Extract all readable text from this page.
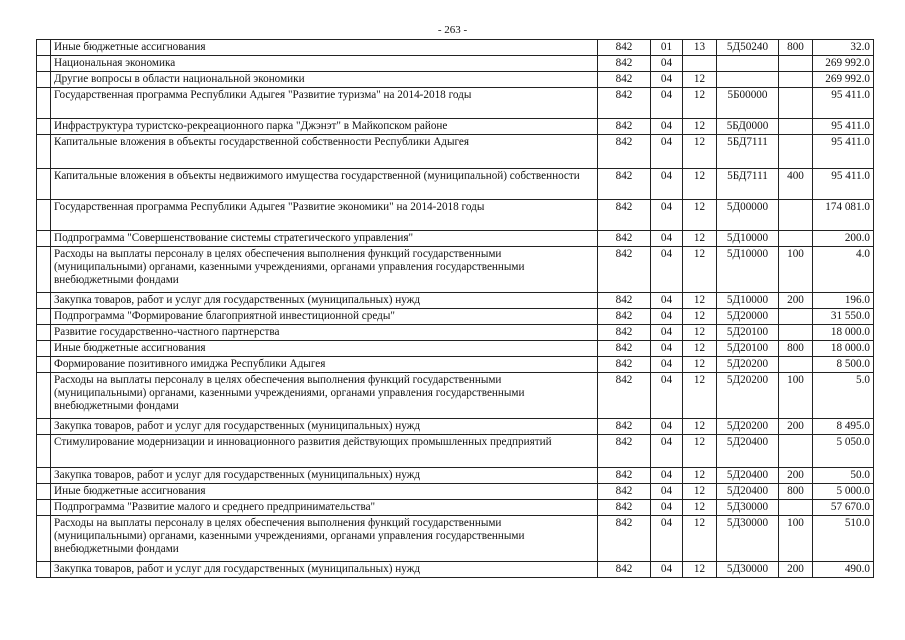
- 263 -
	Иные бюджетные ассигнования	842	01	13	5Д50240	800	32.0
	Национальная экономика	842	04				269 992.0
	Другие вопросы в области национальной экономики	842	04	12			269 992.0
	Государственная программа Республики Адыгея "Развитие туризма" на 2014-2018 годы	842	04	12	5Б00000		95 411.0
	Инфраструктура туристско-рекреационного парка "Джэнэт" в Майкопском районе	842	04	12	5БД0000		95 411.0
	Капитальные вложения в объекты государственной собственности Республики Адыгея	842	04	12	5БД7111		95 411.0
	Капитальные вложения в объекты недвижимого имущества государственной (муниципальной) собственности	842	04	12	5БД7111	400	95 411.0
	Государственная программа Республики Адыгея "Развитие экономики" на 2014-2018 годы	842	04	12	5Д00000		174 081.0
	Подпрограмма "Совершенствование системы стратегического управления"	842	04	12	5Д10000		200.0
	Расходы на выплаты персоналу в целях обеспечения выполнения функций государственными (муниципальными) органами, казенными учреждениями, органами управления государственными внебюджетными фондами	842	04	12	5Д10000	100	4.0
	Закупка товаров, работ и услуг для государственных (муниципальных) нужд	842	04	12	5Д10000	200	196.0
	Подпрограмма "Формирование благоприятной инвестиционной среды"	842	04	12	5Д20000		31 550.0
	Развитие государственно-частного партнерства	842	04	12	5Д20100		18 000.0
	Иные бюджетные ассигнования	842	04	12	5Д20100	800	18 000.0
	Формирование позитивного имиджа Республики Адыгея	842	04	12	5Д20200		8 500.0
	Расходы на выплаты персоналу в целях обеспечения выполнения функций государственными (муниципальными) органами, казенными учреждениями, органами управления государственными внебюджетными фондами	842	04	12	5Д20200	100	5.0
	Закупка товаров, работ и услуг для государственных (муниципальных) нужд	842	04	12	5Д20200	200	8 495.0
	Стимулирование модернизации и инновационного развития действующих промышленных предприятий	842	04	12	5Д20400		5 050.0
	Закупка товаров, работ и услуг для государственных (муниципальных) нужд	842	04	12	5Д20400	200	50.0
	Иные бюджетные ассигнования	842	04	12	5Д20400	800	5 000.0
	Подпрограмма "Развитие малого и среднего предпринимательства"	842	04	12	5Д30000		57 670.0
	Расходы на выплаты персоналу в целях обеспечения выполнения функций государственными (муниципальными) органами, казенными учреждениями, органами управления государственными внебюджетными фондами	842	04	12	5Д30000	100	510.0
	Закупка товаров, работ и услуг для государственных (муниципальных) нужд	842	04	12	5Д30000	200	490.0
